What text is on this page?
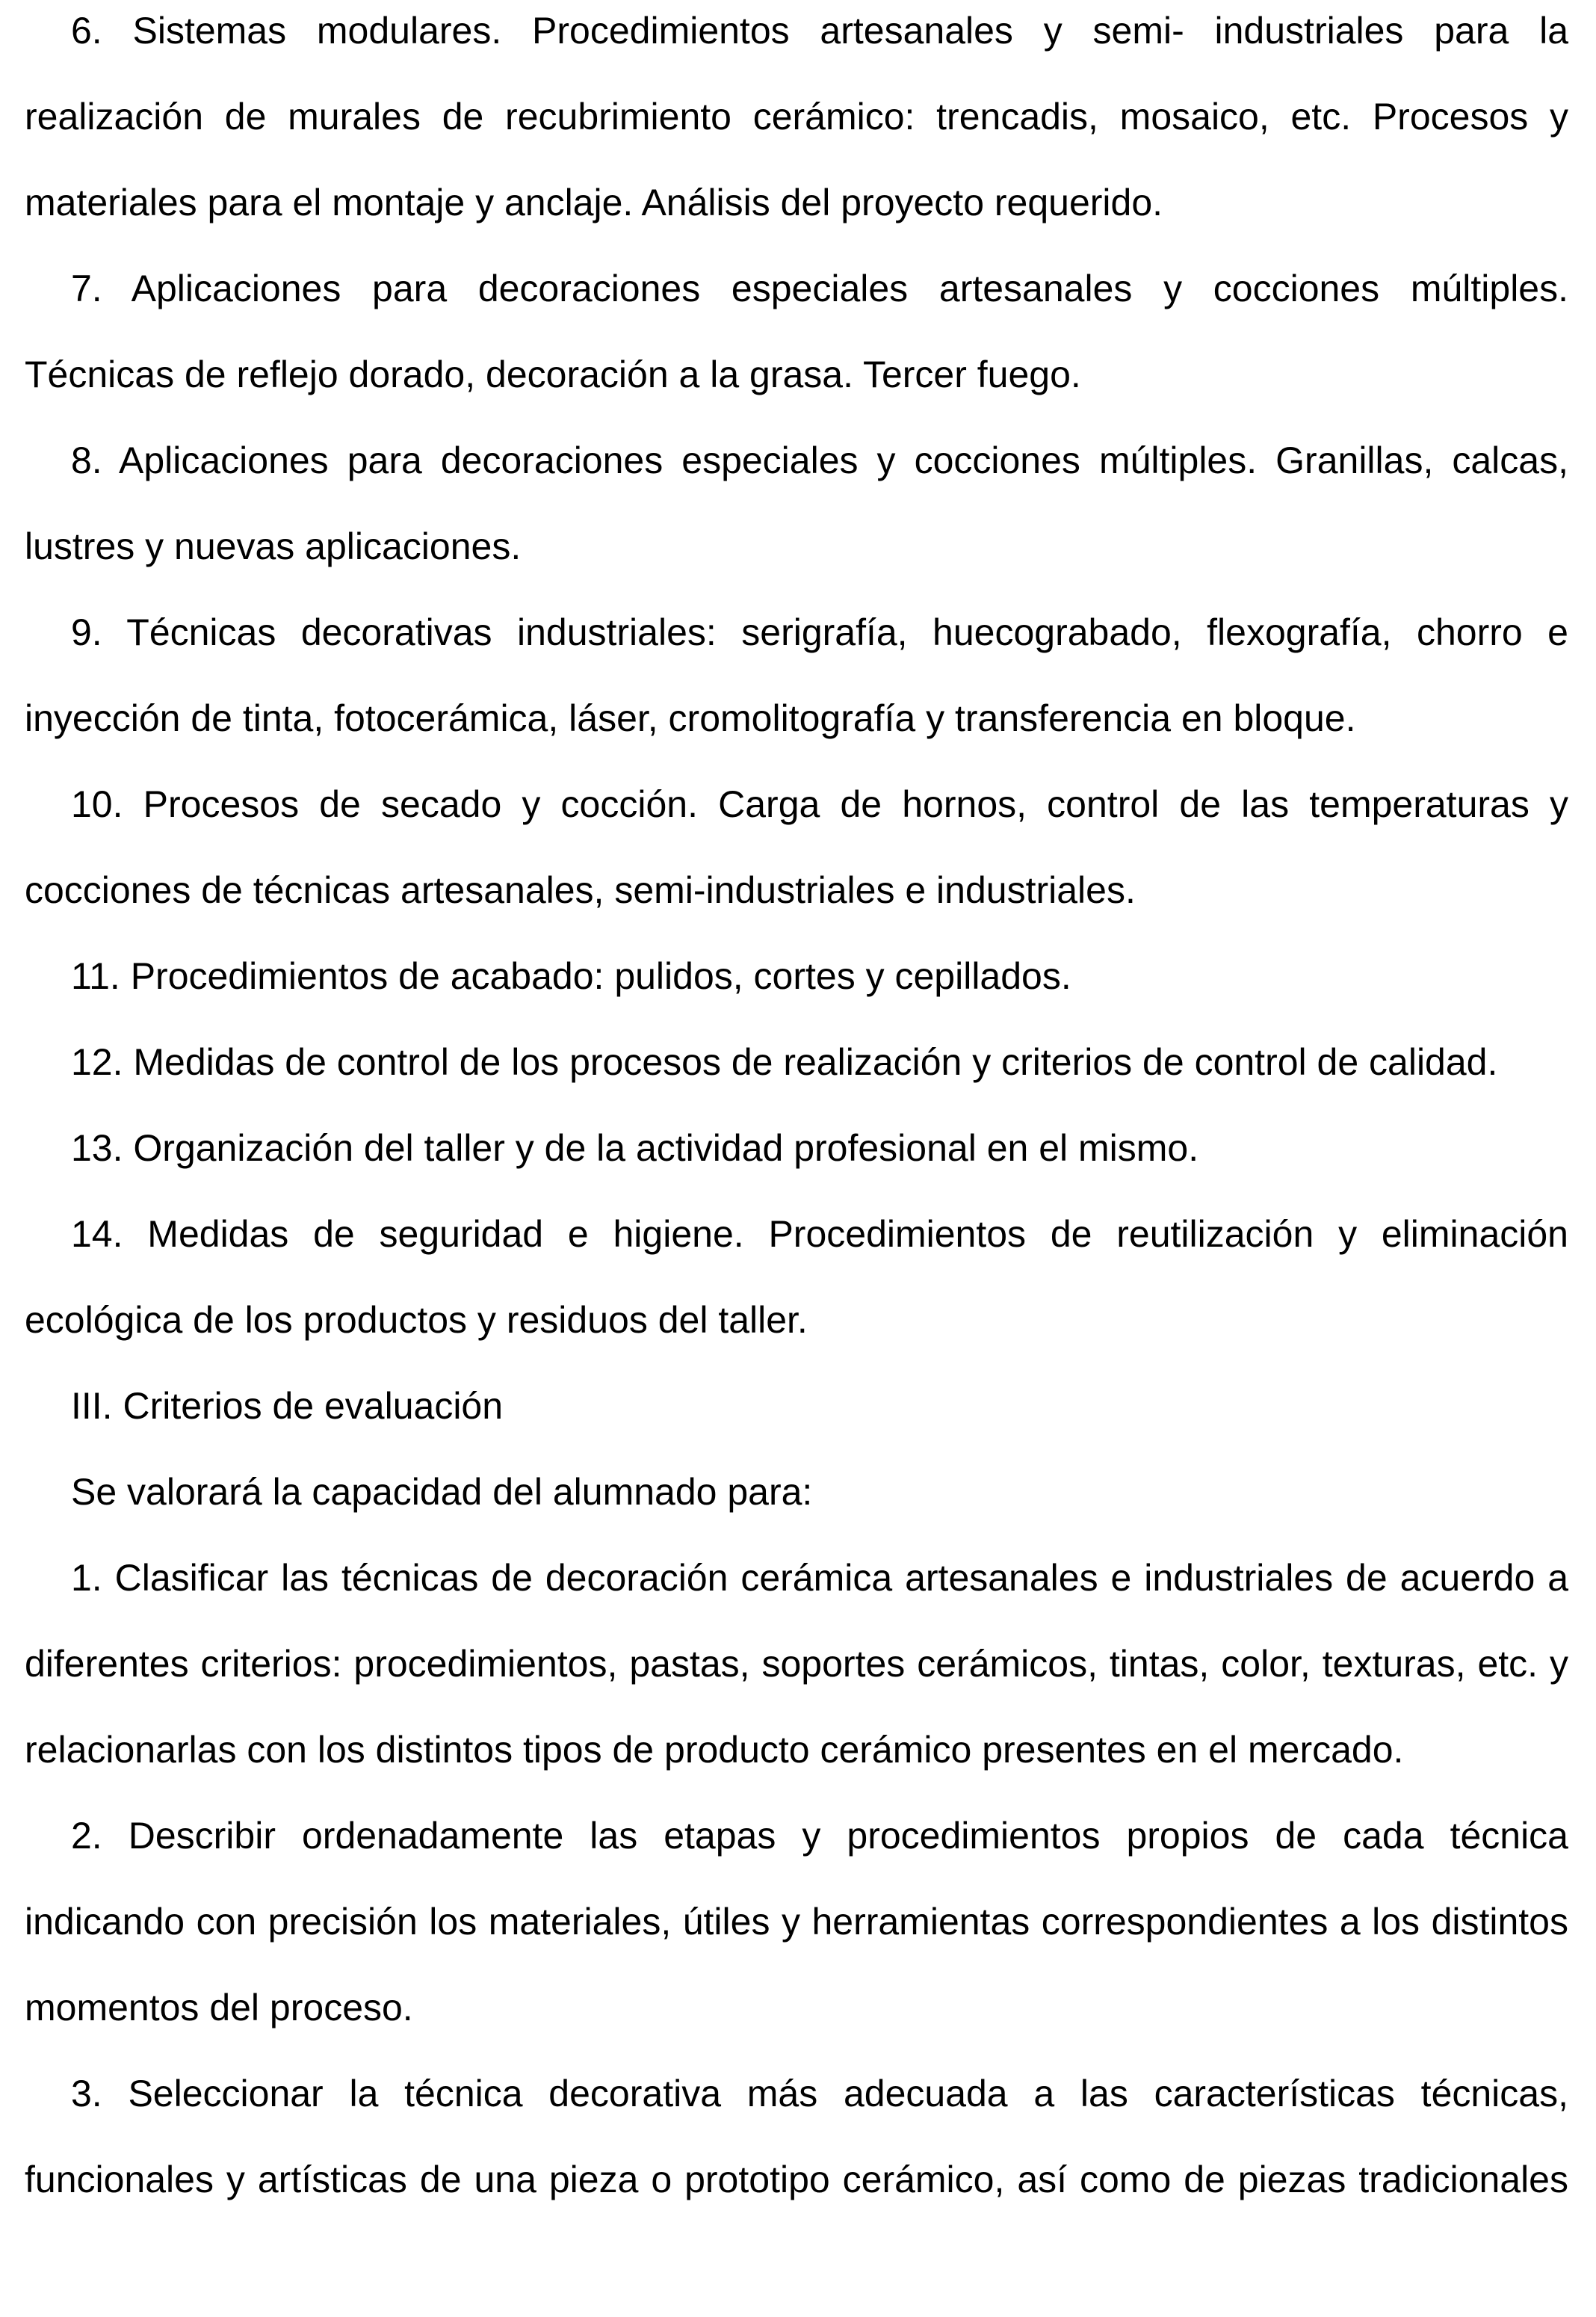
6. Sistemas modulares. Procedimientos artesanales y semi- industriales para la
realización de murales de recubrimiento cerámico: trencadis, mosaico, etc. Procesos y
materiales para el montaje y anclaje. Análisis del proyecto requerido.

7. Aplicaciones para decoraciones especiales artesanales y cocciones múltiples.
Técnicas de reflejo dorado, decoración a la grasa. Tercer fuego.

8. Aplicaciones para decoraciones especiales y cocciones múltiples. Granillas, calcas,
lustres y nuevas aplicaciones.

9. Técnicas decorativas industriales: serigrafía, huecograbado, flexografía, chorro e
inyección de tinta, fotocerámica, láser, cromolitografía y transferencia en bloque.

10. Procesos de secado y cocción. Carga de hornos, control de las temperaturas y
cocciones de técnicas artesanales, semi-industriales e industriales.

11. Procedimientos de acabado: pulidos, cortes y cepillados.

12. Medidas de control de los procesos de realización y criterios de control de calidad.

13. Organización del taller y de la actividad profesional en el mismo.

14. Medidas de seguridad e higiene. Procedimientos de reutilización y eliminación
ecológica de los productos y residuos del taller.

III. Criterios de evaluación

Se valorará la capacidad del alumnado para:

1. Clasificar las técnicas de decoración cerámica artesanales e industriales de acuerdo a
diferentes criterios: procedimientos, pastas, soportes cerámicos, tintas, color, texturas, etc. y
relacionarlas con los distintos tipos de producto cerámico presentes en el mercado.

2. Describir ordenadamente las etapas y procedimientos propios de cada técnica
indicando con precisión los materiales, útiles y herramientas correspondientes a los distintos
momentos del proceso.

3. Seleccionar la técnica decorativa más adecuada a las características técnicas,
funcionales y artísticas de una pieza o prototipo cerámico, así como de piezas tradicionales
